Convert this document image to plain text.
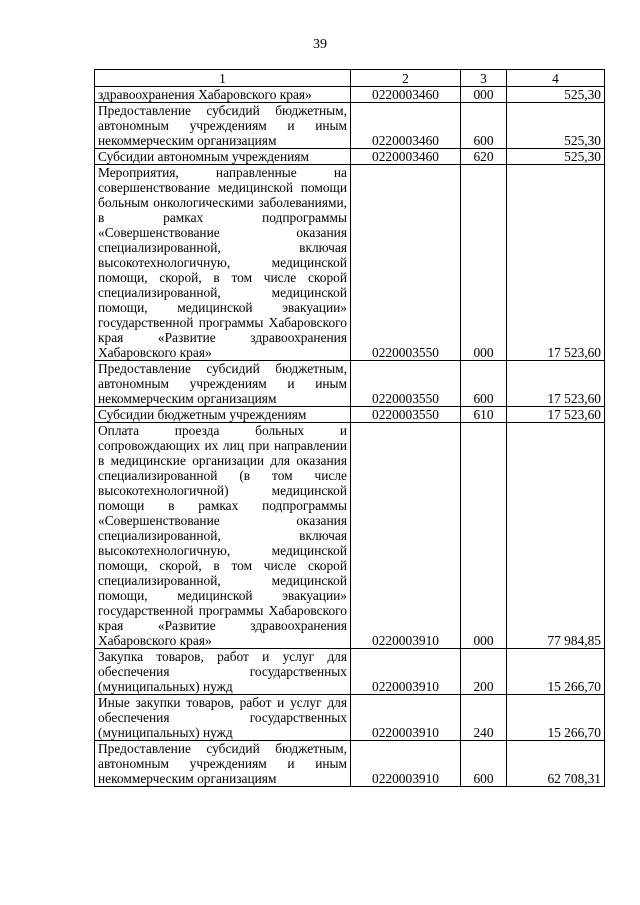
39
1	2	3	4
здравоохранения Хабаровского края»	0220003460	000	525,30
Предоставление субсидий бюджетным, автономным учреждениям и иным некоммерческим организациям	0220003460	600	525,30
Субсидии автономным учреждениям	0220003460	620	525,30
Мероприятия, направленные на совершенствование медицинской помощи больным онкологическими заболеваниями, в рамках подпрограммы «Совершенствование оказания специализированной, включая высокотехнологичную, медицинской помощи, скорой, в том числе скорой специализированной, медицинской помощи, медицинской эвакуации» государственной программы Хабаровского края «Развитие здравоохранения Хабаровского края»	0220003550	000	17 523,60
Предоставление субсидий бюджетным, автономным учреждениям и иным некоммерческим организациям	0220003550	600	17 523,60
Субсидии бюджетным учреждениям	0220003550	610	17 523,60
Оплата проезда больных и сопровождающих их лиц при направлении в медицинские организации для оказания специализированной (в том числе высокотехнологичной) медицинской помощи в рамках подпрограммы «Совершенствование оказания специализированной, включая высокотехнологичную, медицинской помощи, скорой, в том числе скорой специализированной, медицинской помощи, медицинской эвакуации» государственной программы Хабаровского края «Развитие здравоохранения Хабаровского края»	0220003910	000	77 984,85
Закупка товаров, работ и услуг для обеспечения государственных (муниципальных) нужд	0220003910	200	15 266,70
Иные закупки товаров, работ и услуг для обеспечения государственных (муниципальных) нужд	0220003910	240	15 266,70
Предоставление субсидий бюджетным, автономным учреждениям и иным некоммерческим организациям	0220003910	600	62 708,31
